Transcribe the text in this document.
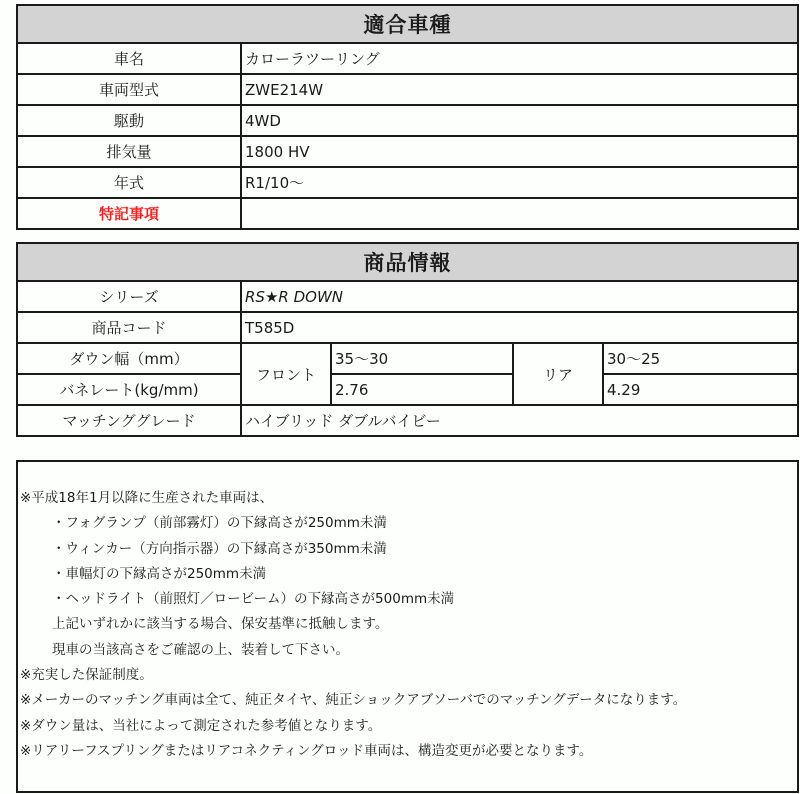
適合車種	
車名	カローラツーリング
車両型式	ZWE214W
駆動	4WD
排気量	1800 HV
年式	R1/10～
特記事項	
商品情報				
シリーズ	RS★R DOWN			
商品コード	T585D			
ダウン幅（mm）	フロント	35～30	リア	30～25
バネレート(kg/mm)		2.76		4.29
マッチンググレード	ハイブリッド ダブルバイビー			
※平成18年1月以降に生産された車両は、
・フォグランプ（前部霧灯）の下縁高さが250mm未満
・ウィンカー（方向指示器）の下縁高さが350mm未満
・車幅灯の下縁高さが250mm未満
・ヘッドライト（前照灯／ロービーム）の下縁高さが500mm未満
上記いずれかに該当する場合、保安基準に抵触します。
現車の当該高さをご確認の上、装着して下さい。
※充実した保証制度。
※メーカーのマッチング車両は全て、純正タイヤ、純正ショックアブソーバでのマッチングデータになります。
※ダウン量は、当社によって測定された参考値となります。
※リアリーフスプリングまたはリアコネクティングロッド車両は、構造変更が必要となります。
